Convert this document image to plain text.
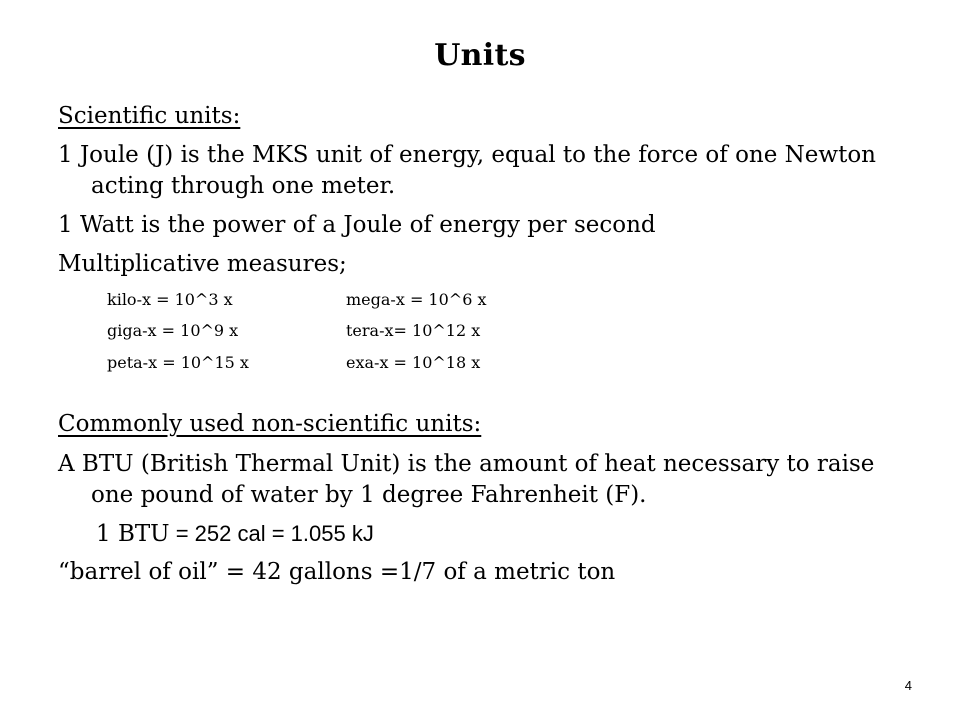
Units
Scientific units:
1 Joule (J) is the MKS unit of energy, equal to the force of one Newton
acting through one meter.
1 Watt is the power of a Joule of energy per second
Multiplicative measures;
kilo-x = 10^3 x	mega-x = 10^6 x
giga-x = 10^9 x	tera-x= 10^12 x
peta-x = 10^15 x	exa-x = 10^18 x
Commonly used non-scientific units:
A BTU (British Thermal Unit) is the amount of heat necessary to raise
one pound of water by 1 degree Fahrenheit (F).
1 BTU = 252 cal = 1.055 kJ
“barrel of oil” = 42 gallons =1/7 of a metric ton
4
